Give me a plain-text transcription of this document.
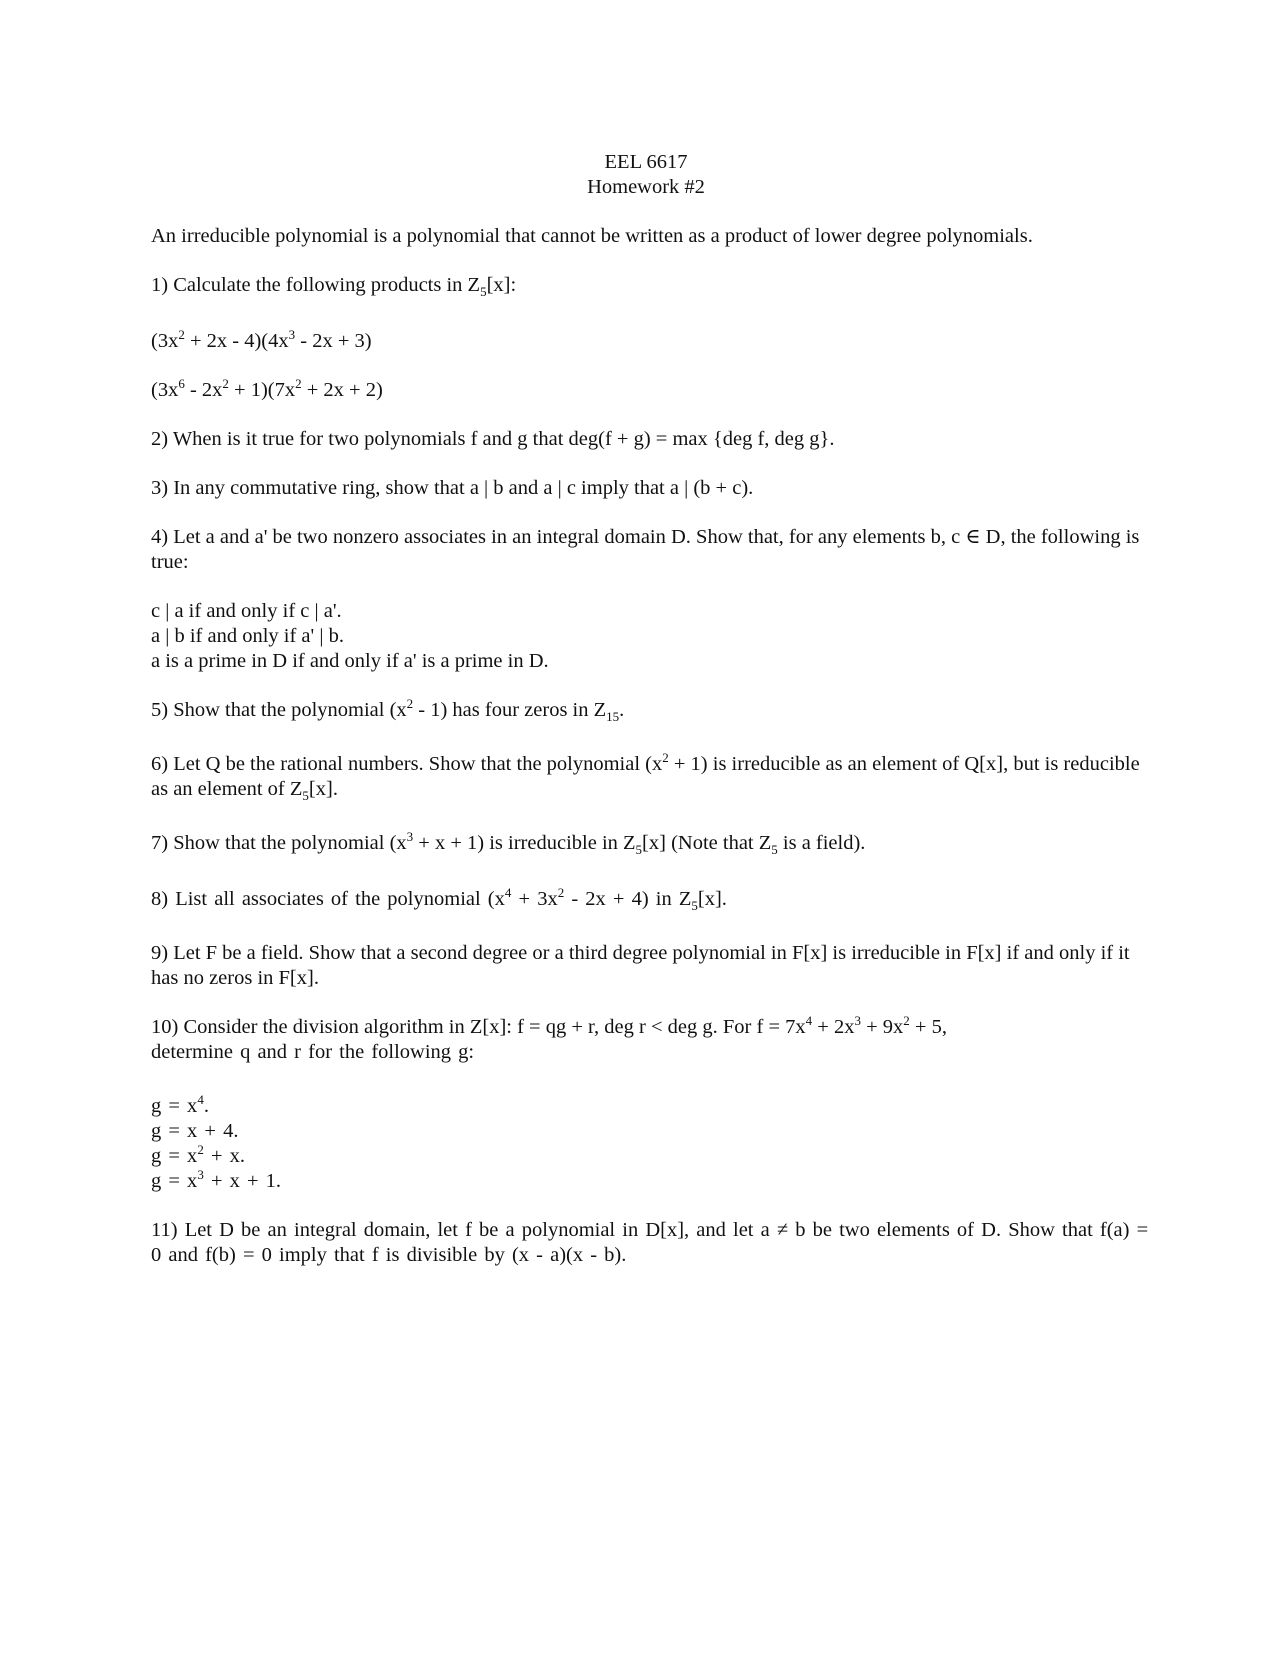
EEL 6617
Homework #2

An irreducible polynomial is a polynomial that cannot be written as a product of lower degree polynomials.

1) Calculate the following products in $Z_5[x]$:

$(3x^2 + 2x - 4)(4x^3 - 2x + 3)$

$(3x^6 - 2x^2 + 1)(7x^2 + 2x + 2)$

2) When is it true for two polynomials f and g that deg(f + g) = max {deg f, deg g}.

3) In any commutative ring, show that a | b and a | c imply that a | (b + c).

4) Let a and a' be two nonzero associates in an integral domain D. Show that, for any elements b, c ∈ D, the following is true:

c | a if and only if c | a'.
a | b if and only if a' | b.
a is a prime in D if and only if a' is a prime in D.

5) Show that the polynomial $(x^2 - 1)$ has four zeros in $Z_{15}$.

6) Let Q be the rational numbers. Show that the polynomial $(x^2 + 1)$ is irreducible as an element of Q[x], but is reducible as an element of $Z_5[x]$.

7) Show that the polynomial $(x^3 + x + 1)$ is irreducible in $Z_5[x]$ (Note that $Z_5$ is a field).

8) List all associates of the polynomial $(x^4 + 3x^2 - 2x + 4)$ in $Z_5[x]$.

9) Let F be a field. Show that a second degree or a third degree polynomial in F[x] is irreducible in F[x] if and only if it has no zeros in F[x].

10) Consider the division algorithm in Z[x]: f = qg + r, deg r < deg g. For $f = 7x^4 + 2x^3 + 9x^2 + 5$,

determine q and r for the following g:

$g = x^4$.
g = x + 4.
$g = x^2 + x$.
$g = x^3 + x + 1$.

11) Let D be an integral domain, let f be a polynomial in D[x], and let a ≠ b be two elements of D. Show that f(a) = 0 and f(b) = 0 imply that f is divisible by (x - a)(x - b).
